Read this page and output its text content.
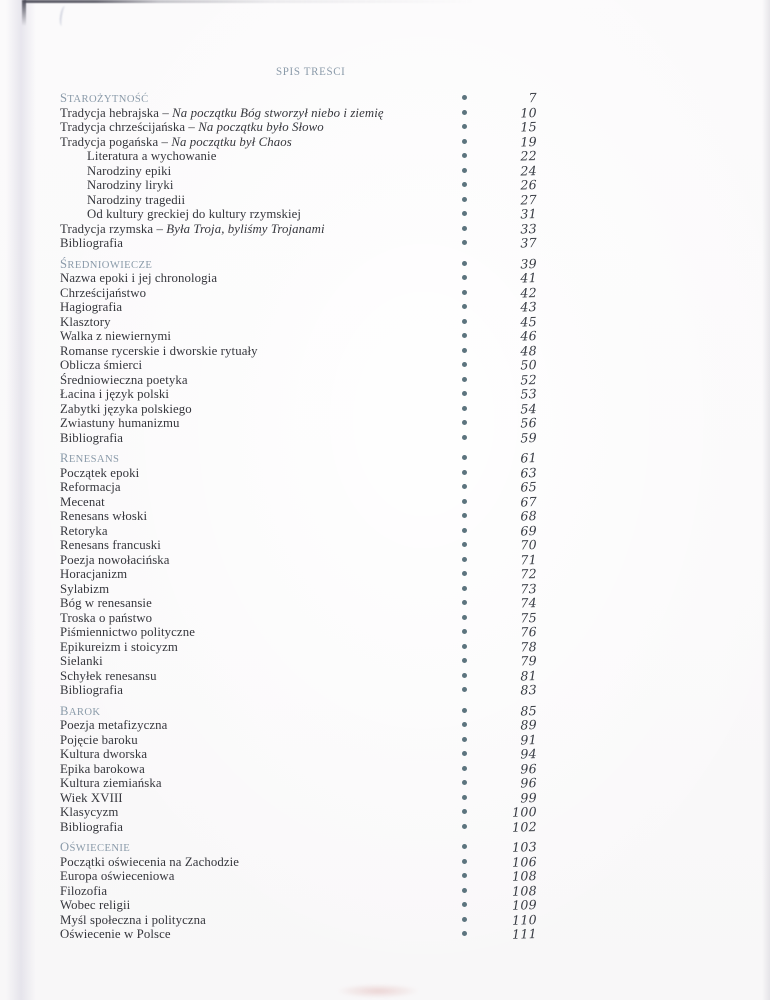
SPIS TREŚCI
STAROŻYTNOŚĆ	7
Tradycja hebrajska – Na początku Bóg stworzył niebo i ziemię	10
Tradycja chrześcijańska – Na początku było Słowo	15
Tradycja pogańska – Na początku był Chaos	19
Literatura a wychowanie	22
Narodziny epiki	24
Narodziny liryki	26
Narodziny tragedii	27
Od kultury greckiej do kultury rzymskiej	31
Tradycja rzymska – Była Troja, byliśmy Trojanami	33
Bibliografia	37
ŚREDNIOWIECZE	39
Nazwa epoki i jej chronologia	41
Chrześcijaństwo	42
Hagiografia	43
Klasztory	45
Walka z niewiernymi	46
Romanse rycerskie i dworskie rytuały	48
Oblicza śmierci	50
Średniowieczna poetyka	52
Łacina i język polski	53
Zabytki języka polskiego	54
Zwiastuny humanizmu	56
Bibliografia	59
RENESANS	61
Początek epoki	63
Reformacja	65
Mecenat	67
Renesans włoski	68
Retoryka	69
Renesans francuski	70
Poezja nowołacińska	71
Horacjanizm	72
Sylabizm	73
Bóg w renesansie	74
Troska o państwo	75
Piśmiennictwo polityczne	76
Epikureizm i stoicyzm	78
Sielanki	79
Schyłek renesansu	81
Bibliografia	83
BAROK	85
Poezja metafizyczna	89
Pojęcie baroku	91
Kultura dworska	94
Epika barokowa	96
Kultura ziemiańska	96
Wiek XVIII	99
Klasycyzm	100
Bibliografia	102
OŚWIECENIE	103
Początki oświecenia na Zachodzie	106
Europa oświeceniowa	108
Filozofia	108
Wobec religii	109
Myśl społeczna i polityczna	110
Oświecenie w Polsce	111
